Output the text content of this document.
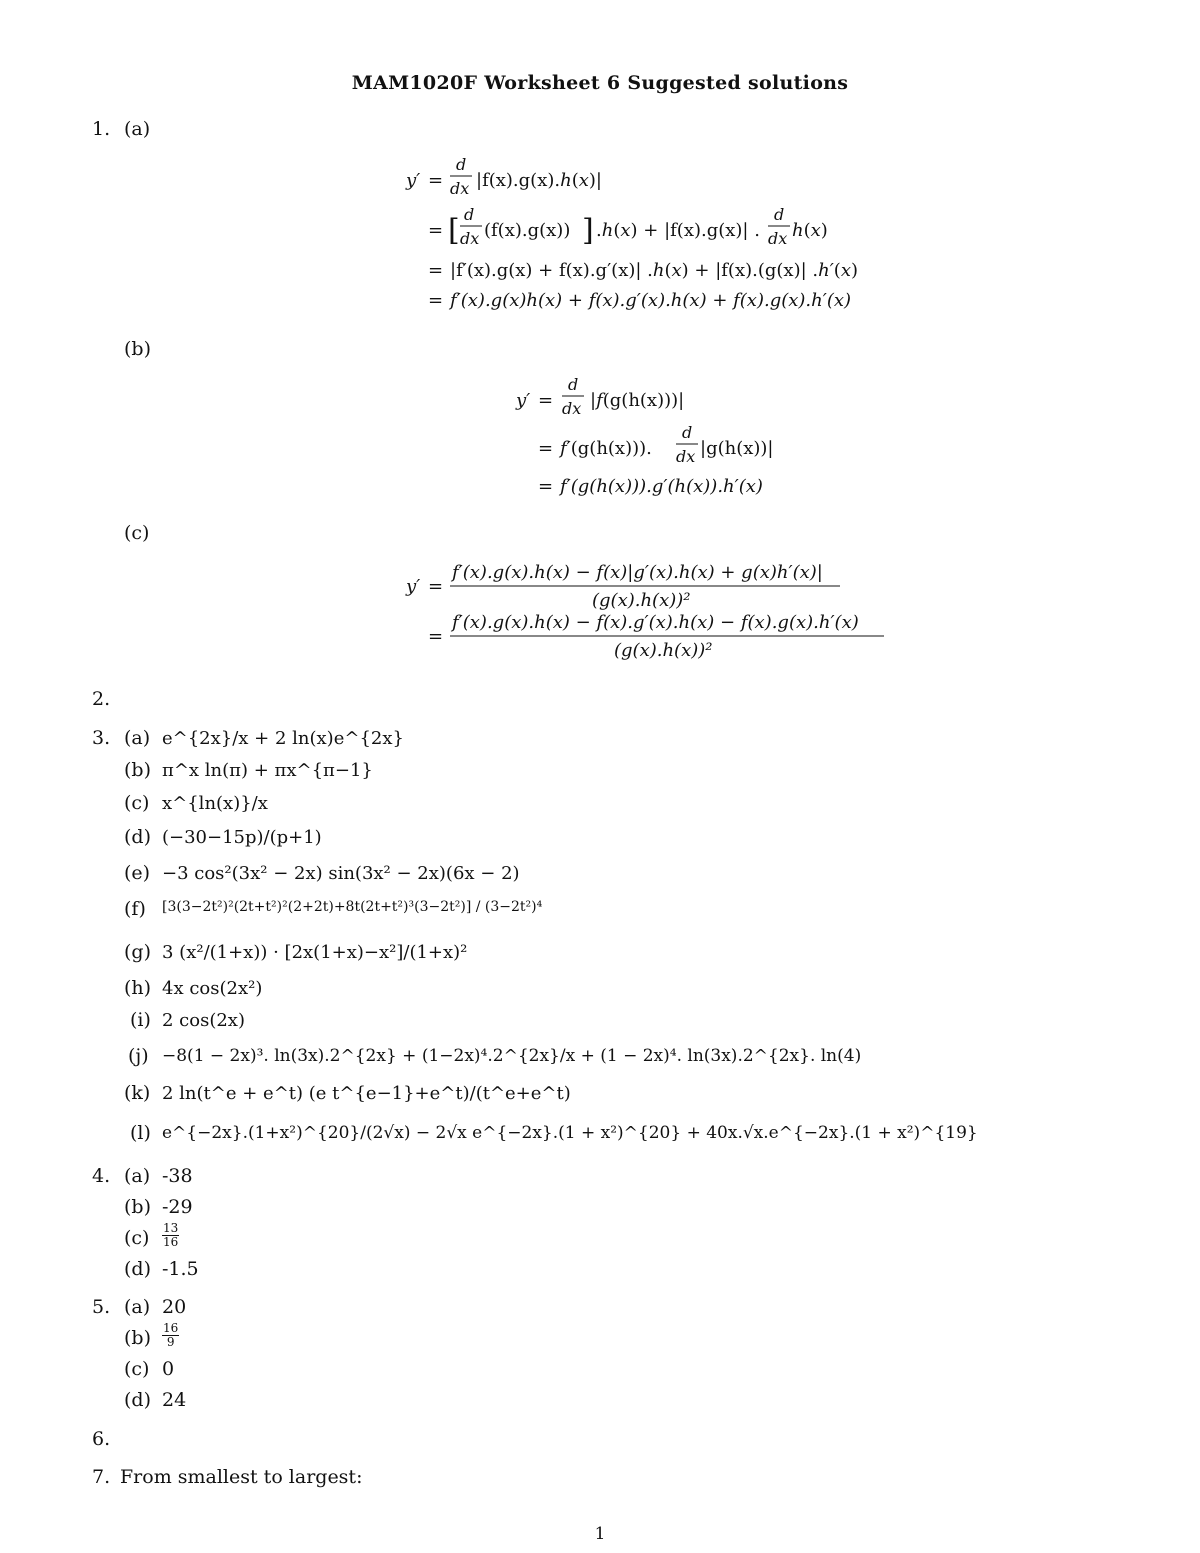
MAM1020F Worksheet 6 Suggested solutions
1. (a)
y′ =
d
dx |f(x).g(x).h(x)|
= [ d
dx (f(x).g(x)) ] .h(x) + |f(x).g(x)| .
d
dx h(x)
= |f′(x).g(x) + f(x).g′(x)| .h(x) + |f(x).(g(x)| .h′(x)
= f′(x).g(x)h(x) + f(x).g′(x).h(x) + f(x).g(x).h′(x)
(b)
y′ =
d
dx |f(g(h(x)))|
= f′(g(h(x))).
d
dx |g(h(x))|
= f′(g(h(x))).g′(h(x)).h′(x)
(c)
y′ =
f′(x).g(x).h(x) − f(x)|g′(x).h(x) + g(x)h′(x)|
(g(x).h(x))²
=
f′(x).g(x).h(x) − f(x).g′(x).h(x) − f(x).g(x).h′(x)
(g(x).h(x))²
2.
3. (a) e^{2x}/x + 2 ln(x)e^{2x}
(b) π^x ln(π) + πx^{π−1}
(c) x^{ln(x)}/x
(d) (−30−15p)/(p+1)
(e) −3 cos²(3x² − 2x) sin(3x² − 2x)(6x − 2)
(f) [3(3−2t²)²(2t+t²)²(2+2t)+8t(2t+t²)³(3−2t²)] / (3−2t²)⁴
(g) 3 (x²/(1+x)) · [2x(1+x)−x²]/(1+x)²
(h) 4x cos(2x²)
(i) 2 cos(2x)
(j) −8(1 − 2x)³. ln(3x).2^{2x} + (1−2x)⁴.2^{2x}/x + (1 − 2x)⁴. ln(3x).2^{2x}. ln(4)
(k) 2 ln(t^e + e^t) (e t^{e−1}+e^t)/(t^e+e^t)
(l) e^{−2x}.(1+x²)^{20}/(2√x) − 2√x e^{−2x}.(1 + x²)^{20} + 40x.√x.e^{−2x}.(1 + x²)^{19}
4. (a) -38
(b) -29
$(c) \frac{13}{16}$
(d) -1.5
5. (a) 20
$(b) \frac{16}{9}$
(c) 0
(d) 24
6.
7. From smallest to largest:
1
